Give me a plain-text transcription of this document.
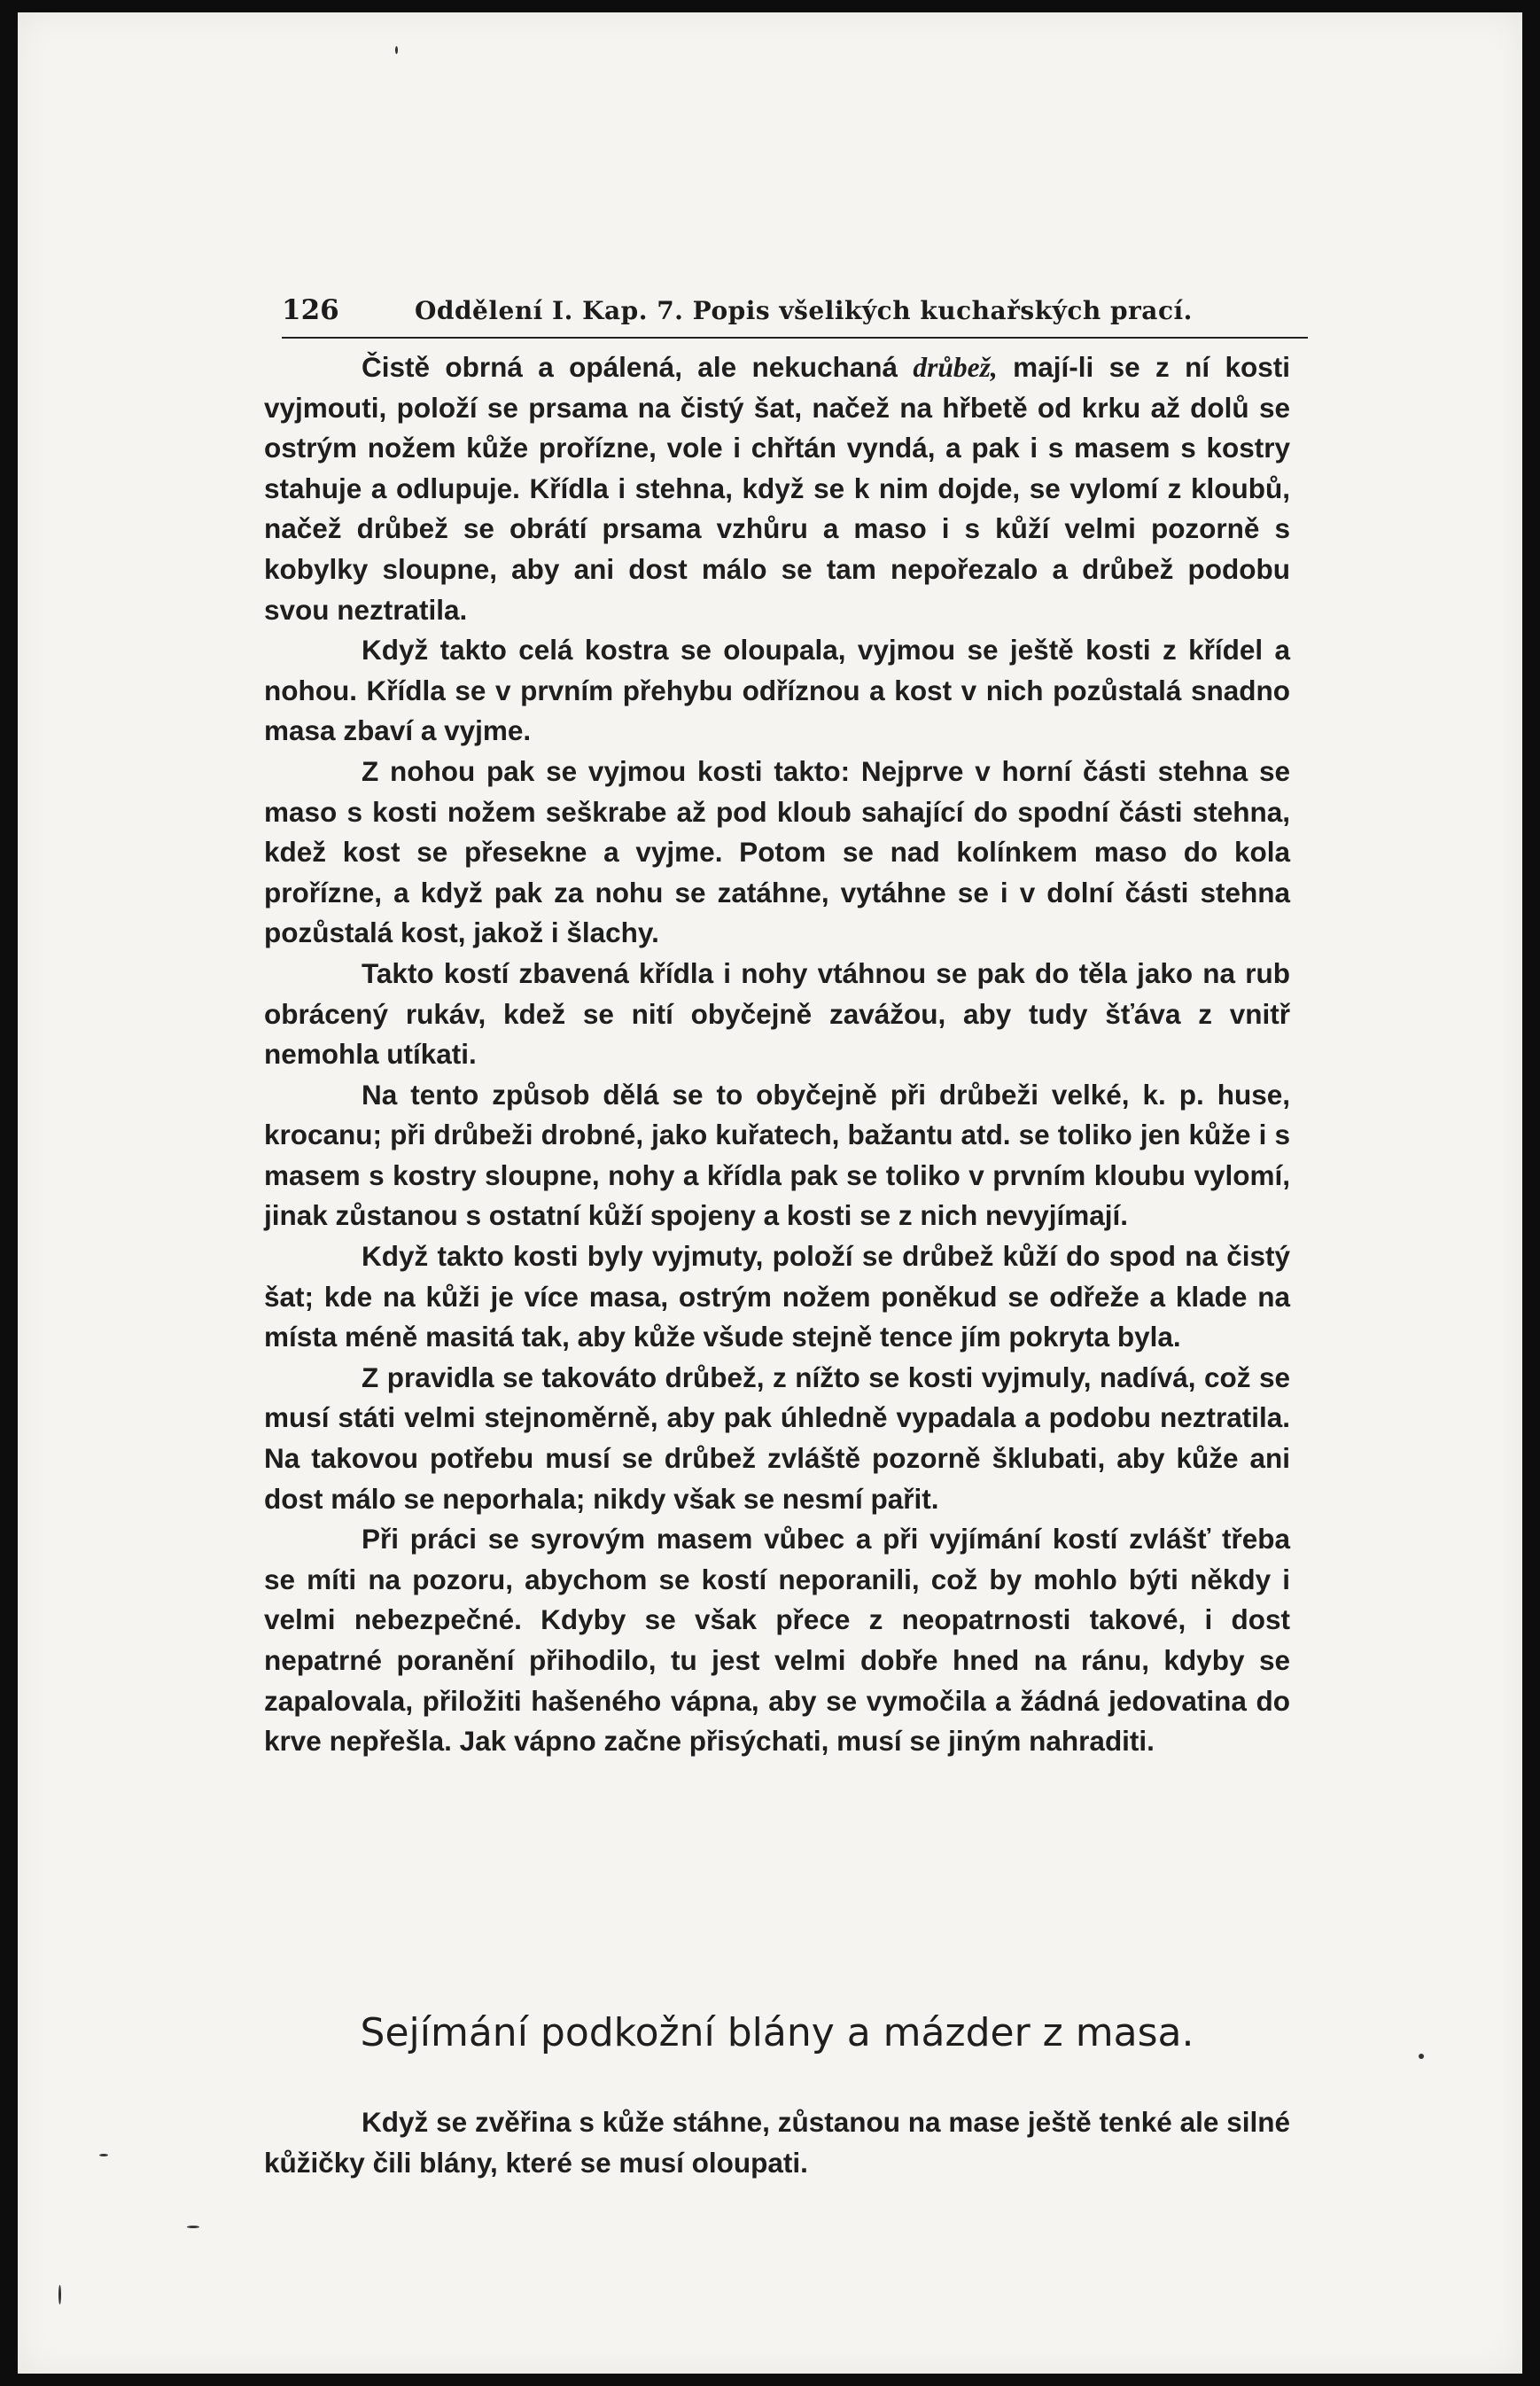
126	Oddělení I. Kap. 7. Popis všelikých kuchařských prací.

Čistě obrná a opálená, ale nekuchaná drůbež, mají-li se z ní kosti vyjmouti, položí se prsama na čistý šat, načež na hřbetě od krku až dolů se ostrým nožem kůže prořízne, vole i chřtán vyndá, a pak i s masem s kostry stahuje a odlupuje. Křídla i stehna, když se k nim dojde, se vylomí z kloubů, načež drůbež se obrátí prsama vzhůru a maso i s kůží velmi pozorně s kobylky sloupne, aby ani dost málo se tam nepořezalo a drůbež podobu svou neztratila.

Když takto celá kostra se oloupala, vyjmou se ještě kosti z křídel a nohou. Křídla se v prvním přehybu odříznou a kost v nich pozůstalá snadno masa zbaví a vyjme.

Z nohou pak se vyjmou kosti takto: Nejprve v horní části stehna se maso s kosti nožem seškrabe až pod kloub sahající do spodní části stehna, kdež kost se přesekne a vyjme. Potom se nad kolínkem maso do kola proříznе, a když pak za nohu se zatáhne, vytáhne se i v dolní části stehna pozůstalá kost, jakož i šlachy.

Takto kostí zbavená křídla i nohy vtáhnou se pak do těla jako na rub obrácený rukáv, kdež se nití obyčejně zavážou, aby tudy šťáva z vnitř nemohla utíkati.

Na tento způsob dělá se to obyčejně při drůbeži velké, k. p. huse, krocanu; při drůbeži drobné, jako kuřatech, bažantu atd. se toliko jen kůže i s masem s kostry sloupne, nohy a křídla pak se toliko v prvním kloubu vylomí, jinak zůstanou s ostatní kůží spojeny a kosti se z nich nevyjímají.

Když takto kosti byly vyjmuty, položí se drůbež kůží do spod na čistý šat; kde na kůži je více masa, ostrým nožem poněkud se odřeže a klade na místa méně masitá tak, aby kůže všude stejně tence jím pokryta byla.

Z pravidla se takováto drůbež, z nížto se kosti vyjmuly, nadívá, což se musí státi velmi stejnoměrně, aby pak úhledně vypadala a podobu neztratila. Na takovou potřebu musí se drůbež zvláště pozorně šklubati, aby kůže ani dost málo se neporhala; nikdy však se nesmí pařit.

Při práci se syrovým masem vůbec a při vyjímání kostí zvlášť třeba se míti na pozoru, abychom se kostí neporanili, což by mohlo býti někdy i velmi nebezpečné. Kdyby se však přece z neopatrnosti takové, i dost nepatrné poranění přihodilo, tu jest velmi dobře hned na ránu, kdyby se zapalovala, přiložiti hašeného vápna, aby se vymočila a žádná jedovatina do krve nepřešla. Jak vápno začne přisýchati, musí se jiným nahraditi.

Sejímání podkožní blány a mázder z masa.

Když se zvěřina s kůže stáhne, zůstanou na mase ještě tenké ale silné kůžičky čili blány, které se musí oloupati.
